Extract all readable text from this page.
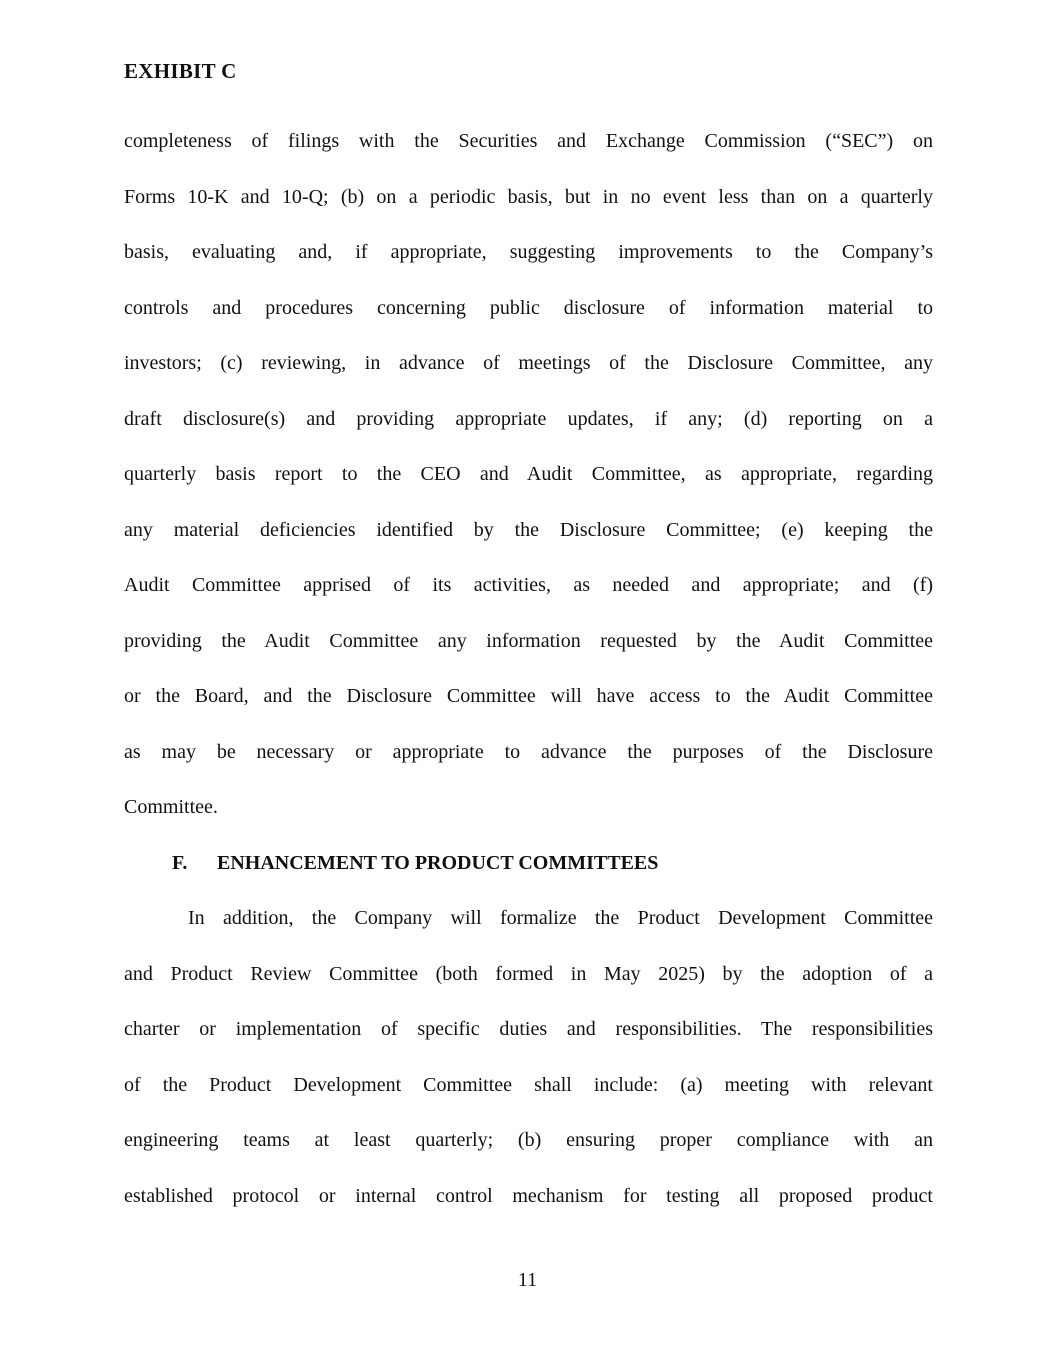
EXHIBIT C
completeness of filings with the Securities and Exchange Commission (“SEC”) on
Forms 10-K and 10-Q; (b) on a periodic basis, but in no event less than on a quarterly
basis, evaluating and, if appropriate, suggesting improvements to the Company’s
controls and procedures concerning public disclosure of information material to
investors; (c) reviewing, in advance of meetings of the Disclosure Committee, any
draft disclosure(s) and providing appropriate updates, if any; (d) reporting on a
quarterly basis report to the CEO and Audit Committee, as appropriate, regarding
any material deficiencies identified by the Disclosure Committee; (e) keeping the
Audit Committee apprised of its activities, as needed and appropriate; and (f)
providing the Audit Committee any information requested by the Audit Committee
or the Board, and the Disclosure Committee will have access to the Audit Committee
as may be necessary or appropriate to advance the purposes of the Disclosure
Committee.
F. ENHANCEMENT TO PRODUCT COMMITTEES
In addition, the Company will formalize the Product Development Committee
and Product Review Committee (both formed in May 2025) by the adoption of a
charter or implementation of specific duties and responsibilities. The responsibilities
of the Product Development Committee shall include: (a) meeting with relevant
engineering teams at least quarterly; (b) ensuring proper compliance with an
established protocol or internal control mechanism for testing all proposed product
11
